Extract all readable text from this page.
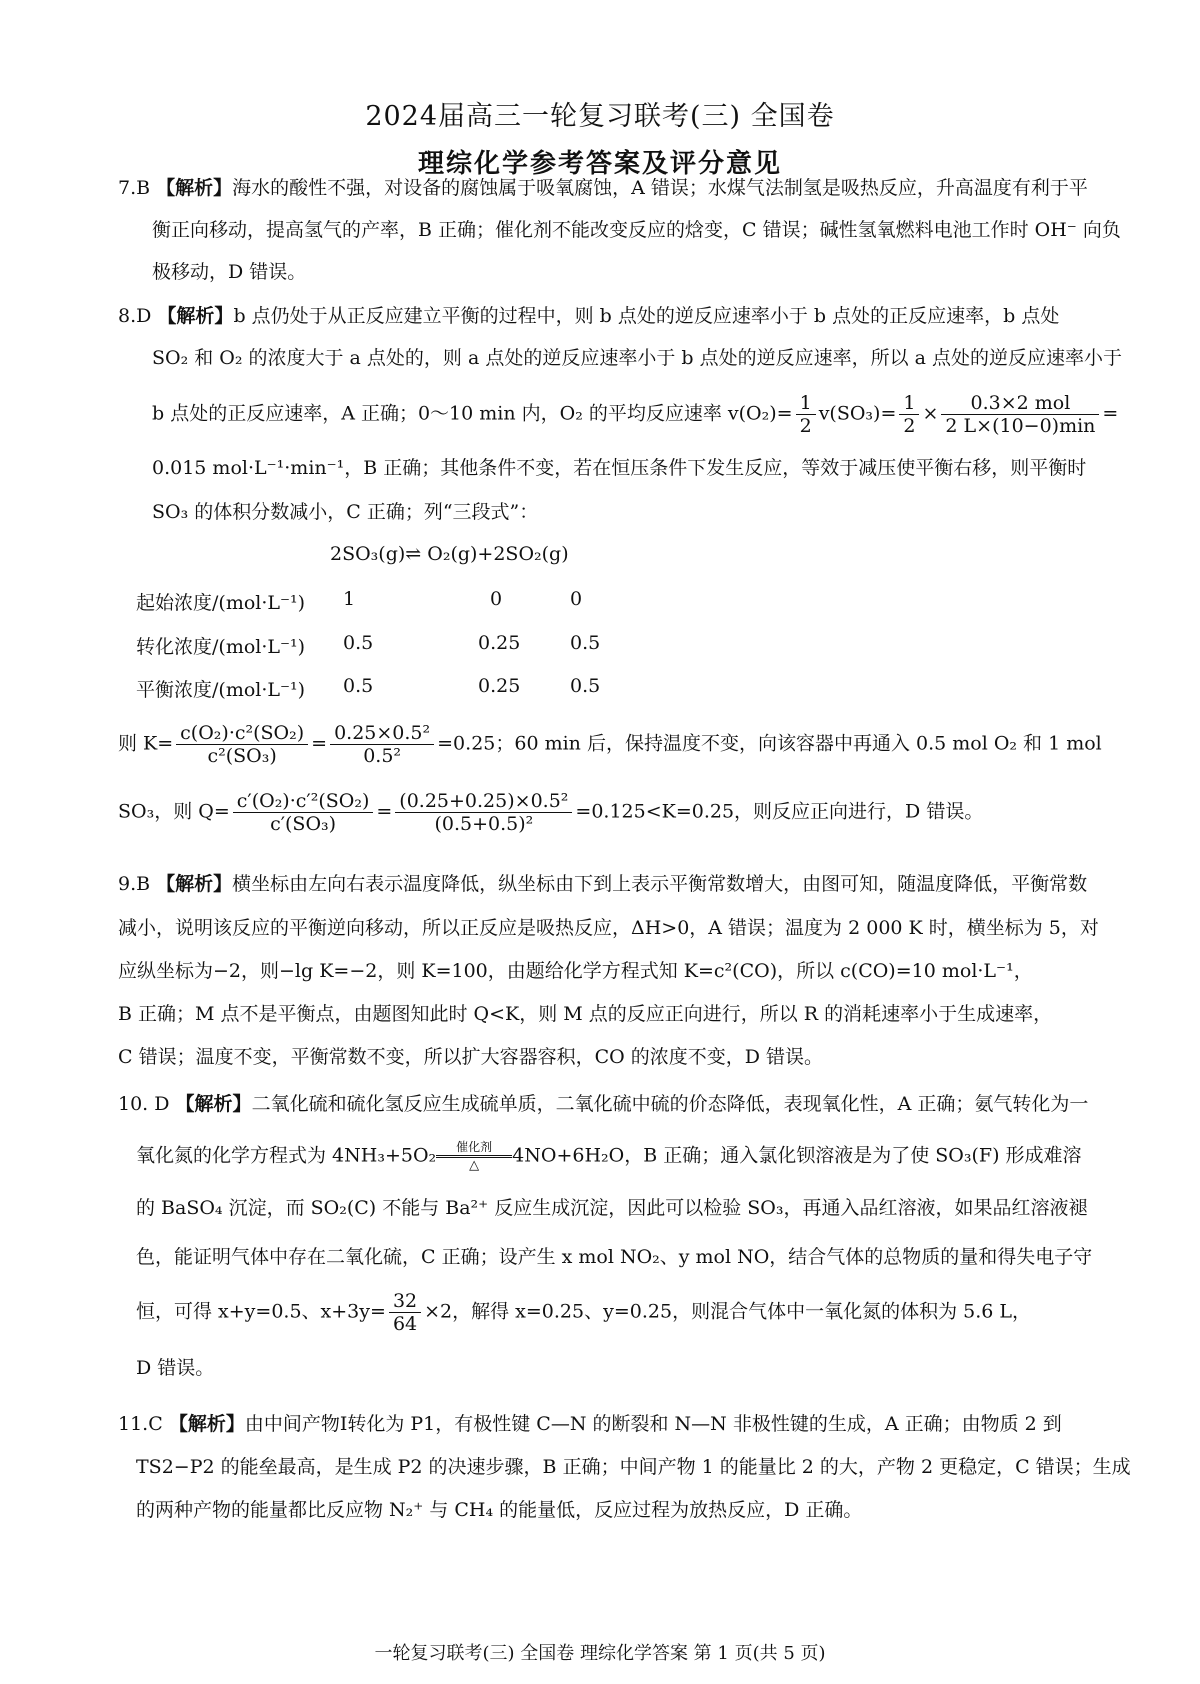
2024届高三一轮复习联考(三) 全国卷
理综化学参考答案及评分意见
7.B 【解析】海水的酸性不强，对设备的腐蚀属于吸氧腐蚀，A 错误；水煤气法制氢是吸热反应，升高温度有利于平
衡正向移动，提高氢气的产率，B 正确；催化剂不能改变反应的焓变，C 错误；碱性氢氧燃料电池工作时 OH⁻ 向负
极移动，D 错误。
8.D 【解析】b 点仍处于从正反应建立平衡的过程中，则 b 点处的逆反应速率小于 b 点处的正反应速率，b 点处
SO₂ 和 O₂ 的浓度大于 a 点处的，则 a 点处的逆反应速率小于 b 点处的逆反应速率，所以 a 点处的逆反应速率小于
b 点处的正反应速率，A 正确；0～10 min 内，O₂ 的平均反应速率 $v(O_2)= \frac{1}{2} v(SO_3)= \frac{1}{2} \times \frac{\text{0.3×2 mol}}{2 L\times(10-0)\min}$ =
0.015 mol·L⁻¹·min⁻¹，B 正确；其他条件不变，若在恒压条件下发生反应，等效于减压使平衡右移，则平衡时
SO₃ 的体积分数减小，C 正确；列“三段式”：
2SO₃(g)⇌ O₂(g)+2SO₂(g)
起始浓度/(mol·L⁻¹) 1	0	0
转化浓度/(mol·L⁻¹) 0.5	0.25	0.5
平衡浓度/(mol·L⁻¹) 0.5	0.25	0.5
则 $K= \frac{\text{c(O₂)·c²(SO₂)}}{\text{c²(SO₃)}} = \frac{\text{0.25×0.5²}}{\text{0.5²}} =0.25$；60 min 后，保持温度不变，向该容器中再通入 0.5 mol O₂ 和 1 mol
SO₃，则 $Q= \frac{\text{c′(O₂)·c′²(SO₂)}}{\text{c′(SO₃)}} = \frac{\text{(0.25+0.25)×0.5²}}{\text{(0.5+0.5)²}} =0.125<K=0.25$，则反应正向进行，D 错误。
9.B 【解析】横坐标由左向右表示温度降低，纵坐标由下到上表示平衡常数增大，由图可知，随温度降低，平衡常数
减小，说明该反应的平衡逆向移动，所以正反应是吸热反应，ΔH>0，A 错误；温度为 2 000 K 时，横坐标为 5，对
应纵坐标为−2，则−lg K=−2，则 K=100，由题给化学方程式知 K=c²(CO)，所以 c(CO)=10 mol·L⁻¹，
B 正确；M 点不是平衡点，由题图知此时 Q<K，则 M 点的反应正向进行，所以 R 的消耗速率小于生成速率，
C 错误；温度不变，平衡常数不变，所以扩大容器容积，CO 的浓度不变，D 错误。
10. D 【解析】二氧化硫和硫化氢反应生成硫单质，二氧化硫中硫的价态降低，表现氧化性，A 正确；氨气转化为一
氧化氮的化学方程式为 4NH₃+5O₂	催化剂
△	4NO+6H₂O，B 正确；通入氯化钡溶液是为了使 SO₃(F) 形成难溶
的 BaSO₄ 沉淀，而 SO₂(C) 不能与 Ba²⁺ 反应生成沉淀，因此可以检验 SO₃，再通入品红溶液，如果品红溶液褪
色，能证明气体中存在二氧化硫，C 正确；设产生 x mol NO₂、y mol NO，结合气体的总物质的量和得失电子守
恒，可得 x+y=0.5、$x+3y= \frac{32}{64} \times 2$，解得 x=0.25、y=0.25，则混合气体中一氧化氮的体积为 5.6 L，
D 错误。
11.C 【解析】由中间产物Ⅰ转化为 P1，有极性键 C—N 的断裂和 N—N 非极性键的生成，A 正确；由物质 2 到
TS2−P2 的能垒最高，是生成 P2 的决速步骤，B 正确；中间产物 1 的能量比 2 的大，产物 2 更稳定，C 错误；生成
的两种产物的能量都比反应物 N₂⁺ 与 CH₄ 的能量低，反应过程为放热反应，D 正确。
一轮复习联考(三) 全国卷 理综化学答案 第 1 页(共 5 页)
